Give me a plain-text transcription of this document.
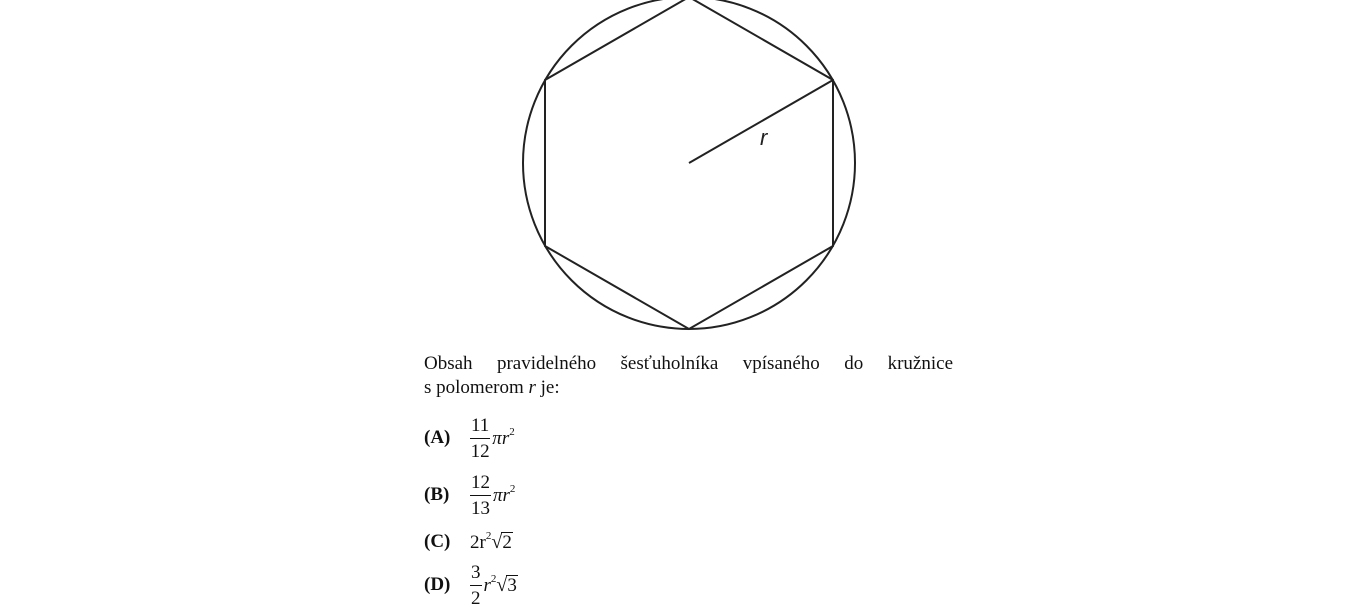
r
Obsah pravidelného šesťuholníka vpísaného do kružnice
s polomerom r je:
(A)	$\frac{11}{12} \pi r^2$
(B)	$\frac{12}{13} \pi r^2$
(C)	$2r^2$ √ 2
(D)	$\frac{3}{2} r^2$ √ 3
